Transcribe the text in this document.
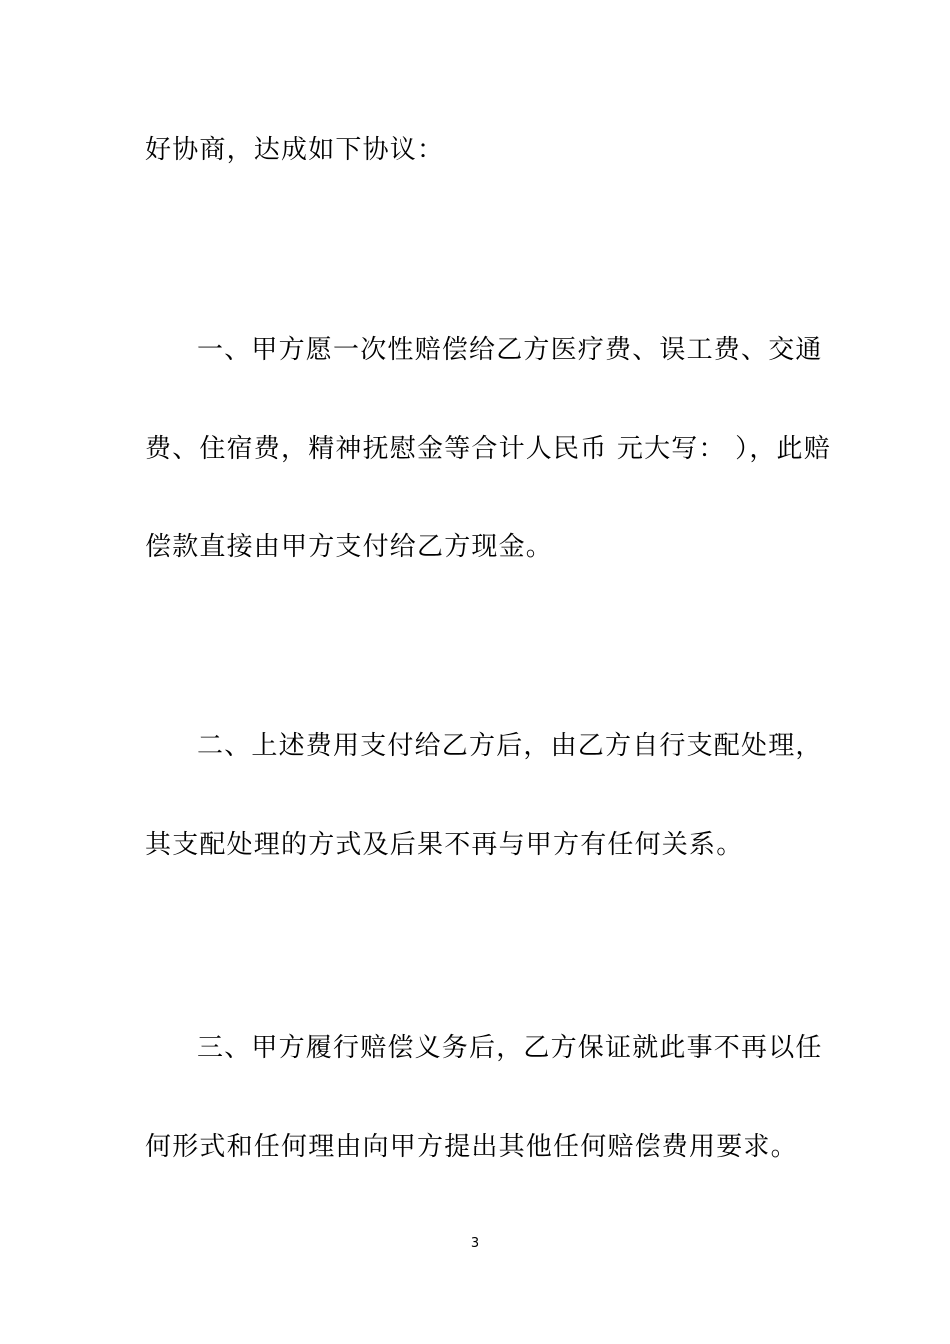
好协商，达成如下协议：
一、甲方愿一次性赔偿给乙方医疗费、误工费、交通
费、住宿费，精神抚慰金等合计人民币 元大写： ），此赔
偿款直接由甲方支付给乙方现金。
二、上述费用支付给乙方后，由乙方自行支配处理，
其支配处理的方式及后果不再与甲方有任何关系。
三、甲方履行赔偿义务后，乙方保证就此事不再以任
何形式和任何理由向甲方提出其他任何赔偿费用要求。
3
